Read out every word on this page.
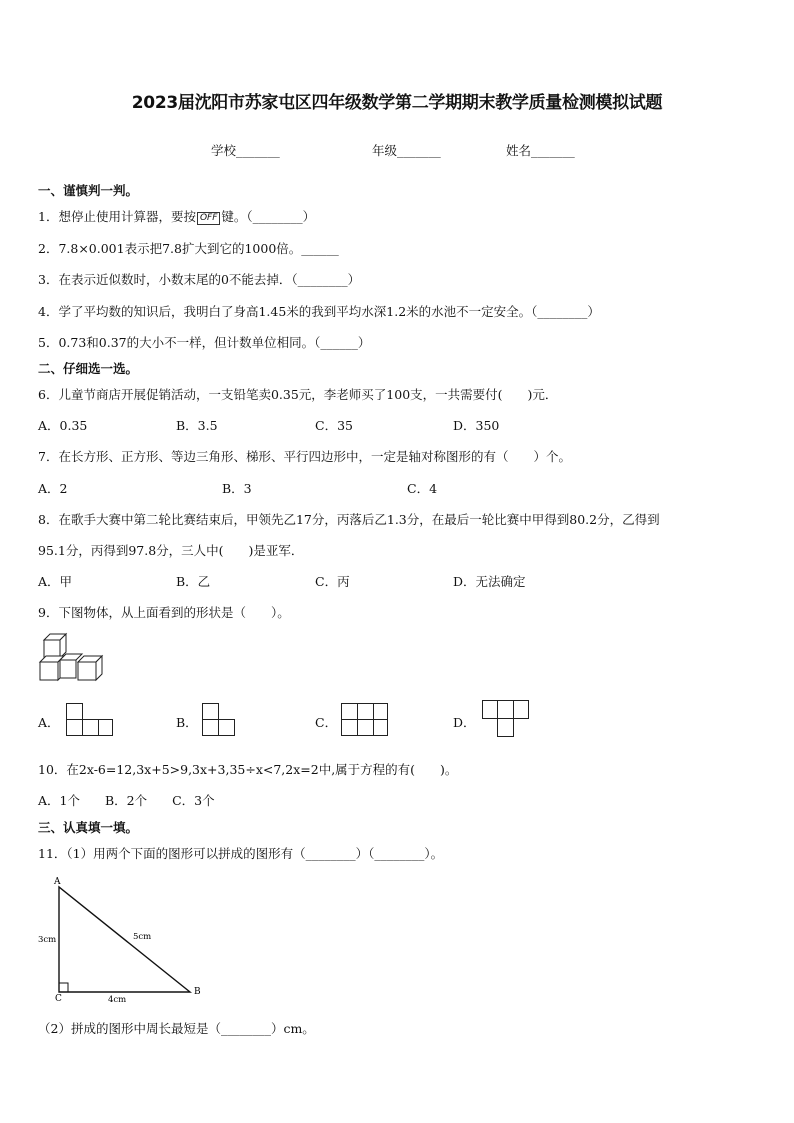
2023届沈阳市苏家屯区四年级数学第二学期期末教学质量检测模拟试题
学校_______	年级_______	姓名_______
一、谨慎判一判。
1．想停止使用计算器，要按 OFF 键。（________）
2．7.8×0.001表示把7.8扩大到它的1000倍。______
3．在表示近似数时，小数末尾的0不能去掉．（________）
4．学了平均数的知识后，我明白了身高1.45米的我到平均水深1.2米的水池不一定安全。（________）
5．0.73和0.37的大小不一样，但计数单位相同。（______）
二、仔细选一选。
6．儿童节商店开展促销活动，一支铅笔卖0.35元，李老师买了100支，一共需要付(　　)元．
A．0.35	B．3.5	C．35	D．350
7．在长方形、正方形、等边三角形、梯形、平行四边形中，一定是轴对称图形的有（　　）个。
A．2	B．3	C．4
8．在歌手大赛中第二轮比赛结束后，甲领先乙17分，丙落后乙1.3分，在最后一轮比赛中甲得到80.2分，乙得到
95.1分，丙得到97.8分，三人中(　　)是亚军．
A．甲	B．乙	C．丙	D．无法确定
9．下图物体，从上面看到的形状是（　　）。
A．	B．	C．	D．
10．在2x-6=12,3x+5>9,3x+3,35÷x<7,2x=2中,属于方程的有(　　)。
A．1个　　B．2个　　C．3个
三、认真填一填。
11．（1）用两个下面的图形可以拼成的图形有（________）（________）。
A
B
C
3cm
4cm
5cm
（2）拼成的图形中周长最短是（________）cm。
